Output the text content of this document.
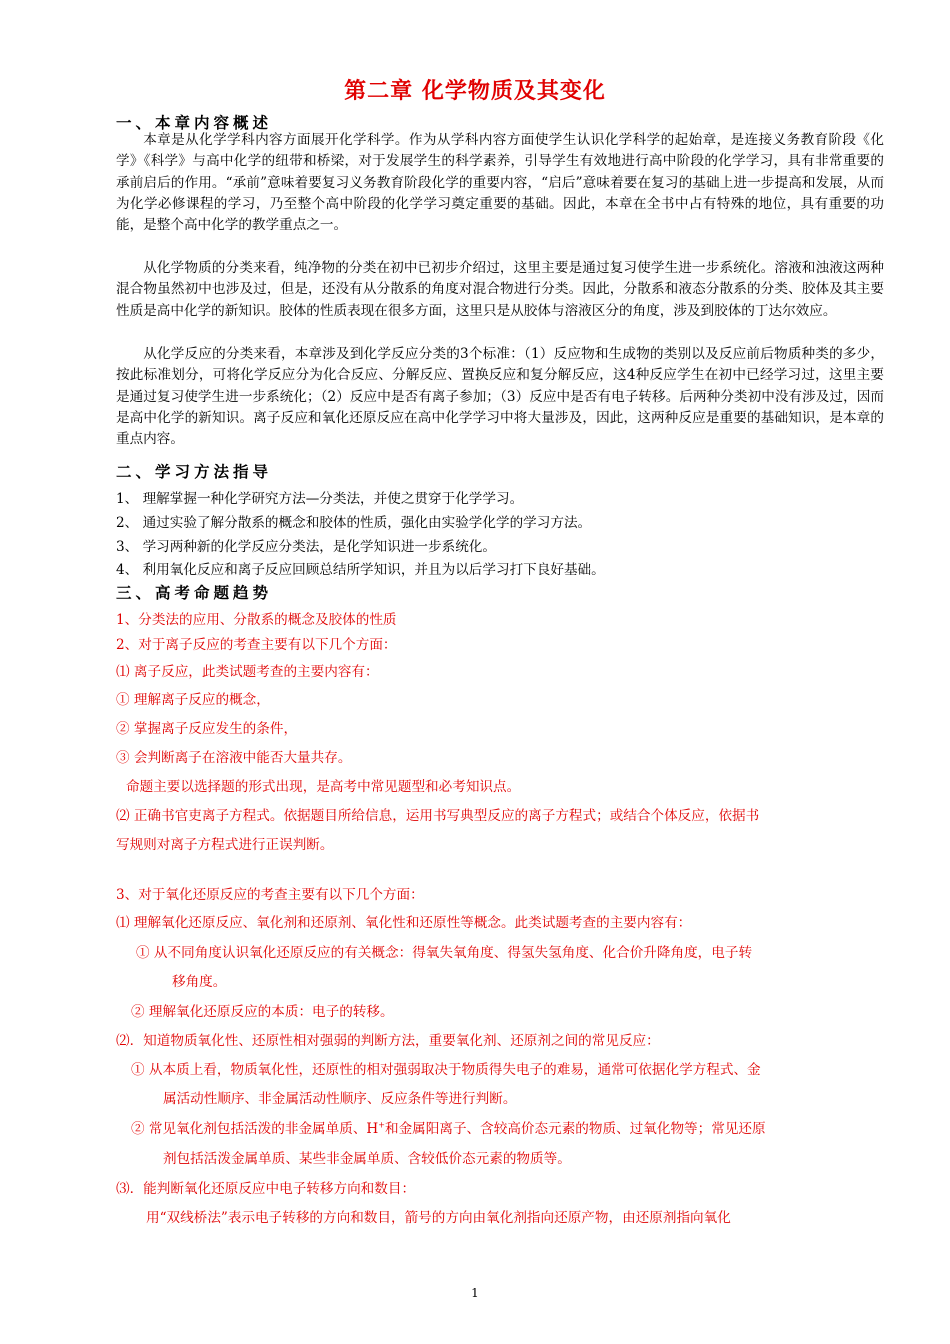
第二章 化学物质及其变化
一、本章内容概述
本章是从化学学科内容方面展开化学科学。作为从学科内容方面使学生认识化学科学的起始章，是连接义务教育阶段《化学》《科学》与高中化学的纽带和桥梁，对于发展学生的科学素养，引导学生有效地进行高中阶段的化学学习，具有非常重要的承前启后的作用。“承前”意味着要复习义务教育阶段化学的重要内容，“启后”意味着要在复习的基础上进一步提高和发展，从而为化学必修课程的学习，乃至整个高中阶段的化学学习奠定重要的基础。因此，本章在全书中占有特殊的地位，具有重要的功能，是整个高中化学的教学重点之一。
从化学物质的分类来看，纯净物的分类在初中已初步介绍过，这里主要是通过复习使学生进一步系统化。溶液和浊液这两种混合物虽然初中也涉及过，但是，还没有从分散系的角度对混合物进行分类。因此，分散系和液态分散系的分类、胶体及其主要性质是高中化学的新知识。胶体的性质表现在很多方面，这里只是从胶体与溶液区分的角度，涉及到胶体的丁达尔效应。
从化学反应的分类来看，本章涉及到化学反应分类的3个标准：（1）反应物和生成物的类别以及反应前后物质种类的多少，按此标准划分，可将化学反应分为化合反应、分解反应、置换反应和复分解反应，这4种反应学生在初中已经学习过，这里主要是通过复习使学生进一步系统化；（2）反应中是否有离子参加；（3）反应中是否有电子转移。后两种分类初中没有涉及过，因而是高中化学的新知识。离子反应和氧化还原反应在高中化学学习中将大量涉及，因此，这两种反应是重要的基础知识，是本章的重点内容。
二、学习方法指导
1、 理解掌握一种化学研究方法—分类法，并使之贯穿于化学学习。
2、 通过实验了解分散系的概念和胶体的性质，强化由实验学化学的学习方法。
3、 学习两种新的化学反应分类法，是化学知识进一步系统化。
4、 利用氧化反应和离子反应回顾总结所学知识，并且为以后学习打下良好基础。
三、高考命题趋势
1、分类法的应用、分散系的概念及胶体的性质
2、对于离子反应的考查主要有以下几个方面：
⑴ 离子反应，此类试题考查的主要内容有：
① 理解离子反应的概念，
② 掌握离子反应发生的条件，
③ 会判断离子在溶液中能否大量共存。
命题主要以选择题的形式出现，是高考中常见题型和必考知识点。
⑵ 正确书官吏离子方程式。依据题目所给信息，运用书写典型反应的离子方程式；或结合个体反应，依据书
写规则对离子方程式进行正误判断。
3、对于氧化还原反应的考查主要有以下几个方面：
⑴ 理解氧化还原反应、氧化剂和还原剂、氧化性和还原性等概念。此类试题考查的主要内容有：
① 从不同角度认识氧化还原反应的有关概念：得氧失氧角度、得氢失氢角度、化合价升降角度，电子转
移角度。
② 理解氧化还原反应的本质：电子的转移。
⑵．知道物质氧化性、还原性相对强弱的判断方法，重要氧化剂、还原剂之间的常见反应：
① 从本质上看，物质氧化性，还原性的相对强弱取决于物质得失电子的难易，通常可依据化学方程式、金
属活动性顺序、非金属活动性顺序、反应条件等进行判断。
② 常见氧化剂包括活泼的非金属单质、H+和金属阳离子、含较高价态元素的物质、过氧化物等；常见还原
剂包括活泼金属单质、某些非金属单质、含较低价态元素的物质等。
⑶．能判断氧化还原反应中电子转移方向和数目：
用“双线桥法”表示电子转移的方向和数目，箭号的方向由氧化剂指向还原产物，由还原剂指向氧化
1
